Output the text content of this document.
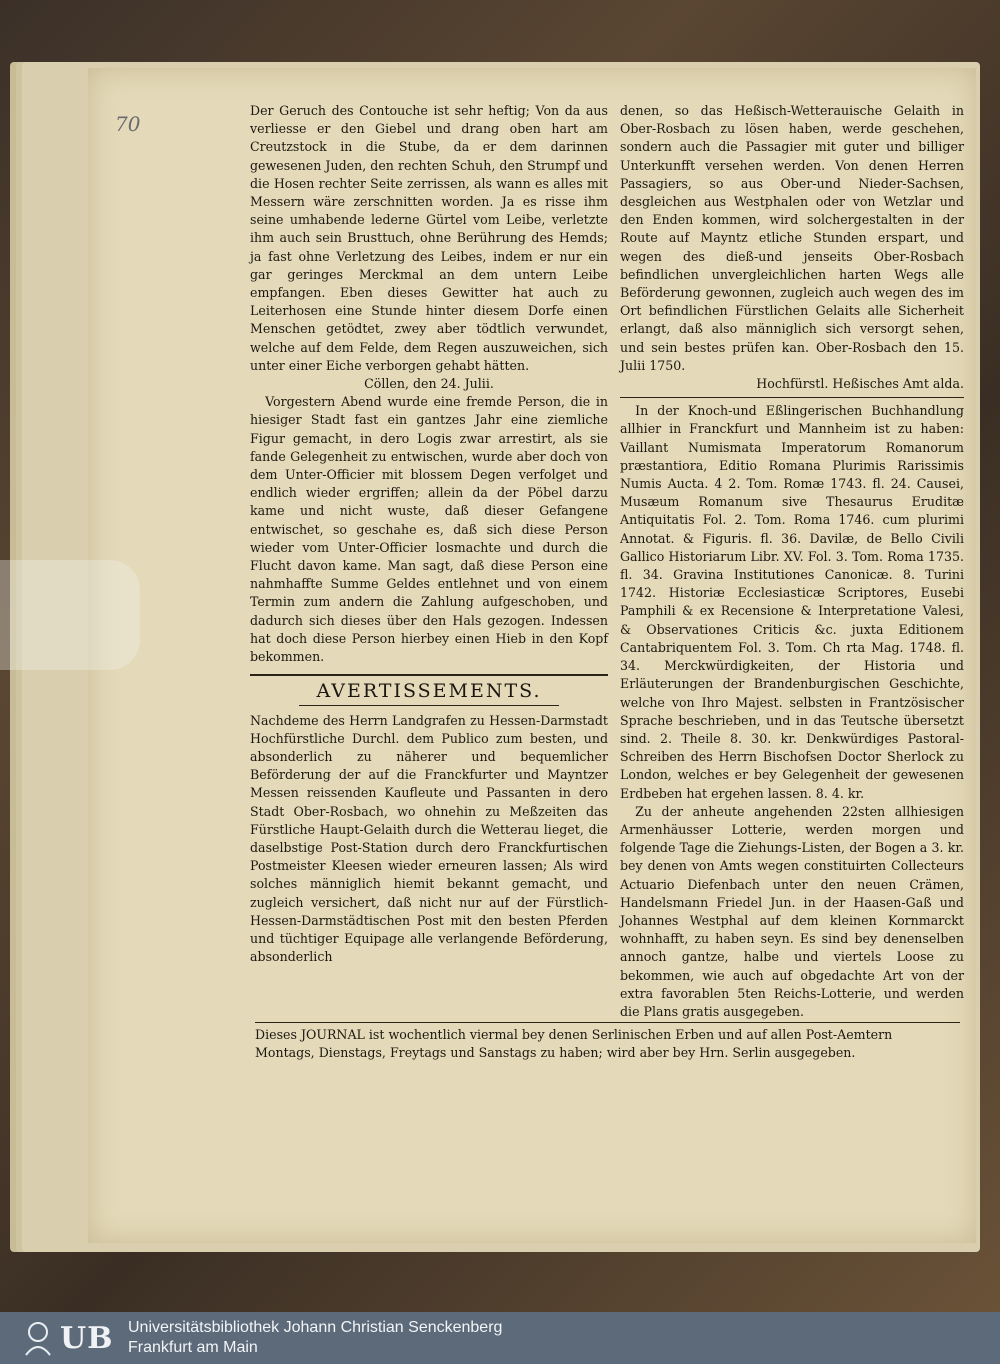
70

Der Geruch des Contouche ist sehr heftig; Von da aus verliesse er den Giebel und drang oben hart am Creutzstock in die Stube, da er dem darinnen gewesenen Juden, den rechten Schuh, den Strumpf und die Hosen rechter Seite zerrissen, als wann es alles mit Messern wäre zerschnitten worden. Ja es risse ihm seine umhabende lederne Gürtel vom Leibe, verletzte ihm auch sein Brusttuch, ohne Berührung des Hemds; ja fast ohne Verletzung des Leibes, indem er nur ein gar geringes Merckmal an dem untern Leibe empfangen. Eben dieses Gewitter hat auch zu Leiterhosen eine Stunde hinter diesem Dorfe einen Menschen getödtet, zwey aber tödtlich verwundet, welche auf dem Felde, dem Regen auszuweichen, sich unter einer Eiche verborgen gehabt hätten.

Cöllen, den 24. Julii.

Vorgestern Abend wurde eine fremde Person, die in hiesiger Stadt fast ein gantzes Jahr eine ziemliche Figur gemacht, in dero Logis zwar arrestirt, als sie fande Gelegenheit zu entwischen, wurde aber doch von dem Unter-Officier mit blossem Degen verfolget und endlich wieder ergriffen; allein da der Pöbel darzu kame und nicht wuste, daß dieser Gefangene entwischet, so geschahe es, daß sich diese Person wieder vom Unter-Officier losmachte und durch die Flucht davon kame. Man sagt, daß diese Person eine nahmhaffte Summe Geldes entlehnet und von einem Termin zum andern die Zahlung aufgeschoben, und dadurch sich dieses über den Hals gezogen. Indessen hat doch diese Person hierbey einen Hieb in den Kopf bekommen.

AVERTISSEMENTS.

Nachdeme des Herrn Landgrafen zu Hessen-Darmstadt Hochfürstliche Durchl. dem Publico zum besten, und absonderlich zu näherer und bequemlicher Beförderung der auf die Franckfurter und Mayntzer Messen reissenden Kaufleute und Passanten in dero Stadt Ober-Rosbach, wo ohnehin zu Meßzeiten das Fürstliche Haupt-Gelaith durch die Wetterau lieget, die daselbstige Post-Station durch dero Franckfurtischen Postmeister Kleesen wieder erneuren lassen; Als wird solches männiglich hiemit bekannt gemacht, und zugleich versichert, daß nicht nur auf der Fürstlich-Hessen-Darmstädtischen Post mit den besten Pferden und tüchtiger Equipage alle verlangende Beförderung, absonderlich

denen, so das Heßisch-Wetterauische Gelaith in Ober-Rosbach zu lösen haben, werde geschehen, sondern auch die Passagier mit guter und billiger Unterkunfft versehen werden. Von denen Herren Passagiers, so aus Ober-und Nieder-Sachsen, desgleichen aus Westphalen oder von Wetzlar und den Enden kommen, wird solchergestalten in der Route auf Mayntz etliche Stunden erspart, und wegen des dieß-und jenseits Ober-Rosbach befindlichen unvergleichlichen harten Wegs alle Beförderung gewonnen, zugleich auch wegen des im Ort befindlichen Fürstlichen Gelaits alle Sicherheit erlangt, daß also männiglich sich versorgt sehen, und sein bestes prüfen kan. Ober-Rosbach den 15. Julii 1750.

Hochfürstl. Heßisches Amt alda.

In der Knoch-und Eßlingerischen Buchhandlung allhier in Franckfurt und Mannheim ist zu haben: Vaillant Numismata Imperatorum Romanorum præstantiora, Editio Romana Plurimis Rarissimis Numis Aucta. 4 2. Tom. Romæ 1743. fl. 24. Causei, Musæum Romanum sive Thesaurus Eruditæ Antiquitatis Fol. 2. Tom. Roma 1746. cum plurimi Annotat. & Figuris. fl. 36. Davilæ, de Bello Civili Gallico Historiarum Libr. XV. Fol. 3. Tom. Roma 1735. fl. 34. Gravina Institutiones Canonicæ. 8. Turini 1742. Historiæ Ecclesiasticæ Scriptores, Eusebi Pamphili & ex Recensione & Interpretatione Valesi, & Observationes Criticis &c. juxta Editionem Cantabriquentem Fol. 3. Tom. Ch rta Mag. 1748. fl. 34. Merckwürdigkeiten, der Historia und Erläuterungen der Brandenburgischen Geschichte, welche von Ihro Majest. selbsten in Frantzösischer Sprache beschrieben, und in das Teutsche übersetzt sind. 2. Theile 8. 30. kr. Denkwürdiges Pastoral-Schreiben des Herrn Bischofsen Doctor Sherlock zu London, welches er bey Gelegenheit der gewesenen Erdbeben hat ergehen lassen. 8. 4. kr.

Zu der anheute angehenden 22sten allhiesigen Armenhäusser Lotterie, werden morgen und folgende Tage die Ziehungs-Listen, der Bogen a 3. kr. bey denen von Amts wegen constituirten Collecteurs Actuario Diefenbach unter den neuen Crämen, Handelsmann Friedel Jun. in der Haasen-Gaß und Johannes Westphal auf dem kleinen Kornmarckt wohnhafft, zu haben seyn. Es sind bey denenselben annoch gantze, halbe und viertels Loose zu bekommen, wie auch auf obgedachte Art von der extra favorablen 5ten Reichs-Lotterie, und werden die Plans gratis ausgegeben.

Dieses JOURNAL ist wochentlich viermal bey denen Serlinischen Erben und auf allen Post-Aemtern
Montags, Dienstags, Freytags und Sanstags zu haben; wird aber bey Hrn. Serlin ausgegeben.
UB Universitätsbibliothek Johann Christian Senckenberg
Frankfurt am Main
